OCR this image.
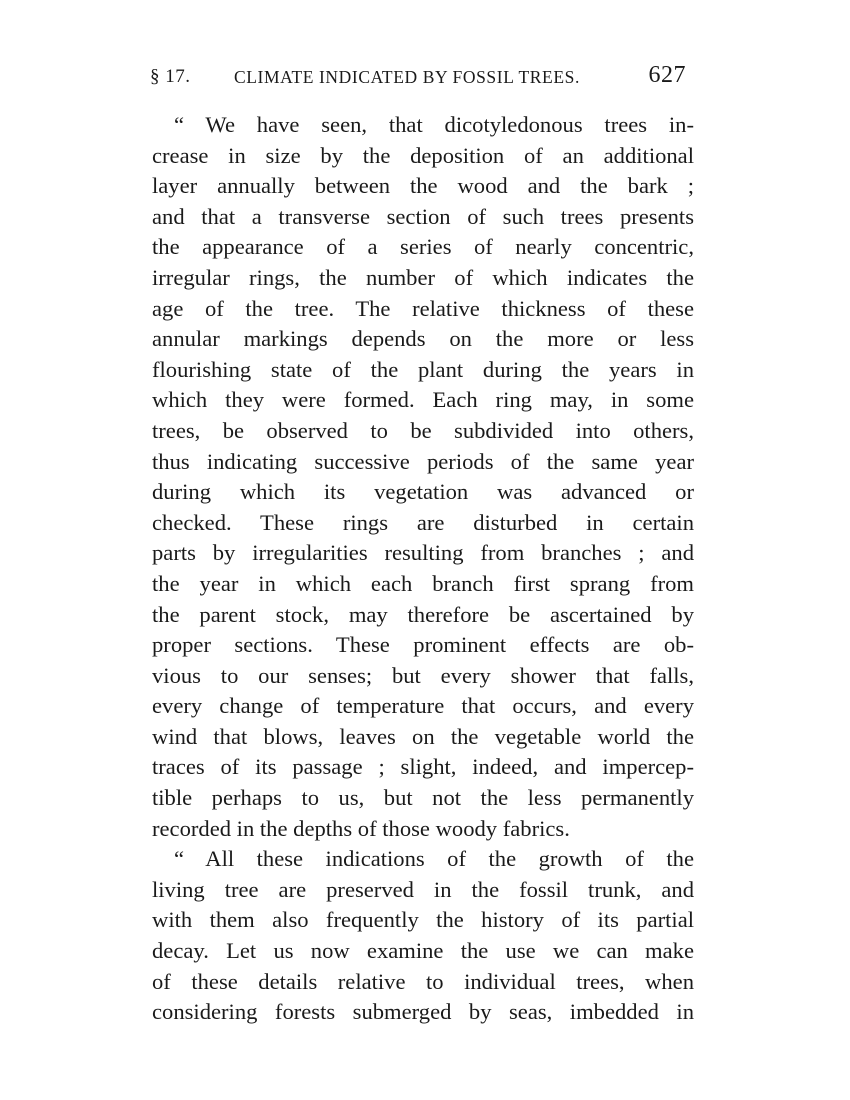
§ 17. CLIMATE INDICATED BY FOSSIL TREES.	627
“ We have seen, that dicotyledonous trees in-
crease in size by the deposition of an additional
layer annually between the wood and the bark ;
and that a transverse section of such trees presents
the appearance of a series of nearly concentric,
irregular rings, the number of which indicates the
age of the tree. The relative thickness of these
annular markings depends on the more or less
flourishing state of the plant during the years in
which they were formed. Each ring may, in some
trees, be observed to be subdivided into others,
thus indicating successive periods of the same year
during which its vegetation was advanced or
checked. These rings are disturbed in certain
parts by irregularities resulting from branches ; and
the year in which each branch first sprang from
the parent stock, may therefore be ascertained by
proper sections. These prominent effects are ob-
vious to our senses; but every shower that falls,
every change of temperature that occurs, and every
wind that blows, leaves on the vegetable world the
traces of its passage ; slight, indeed, and impercep-
tible perhaps to us, but not the less permanently
recorded in the depths of those woody fabrics.
“ All these indications of the growth of the
living tree are preserved in the fossil trunk, and
with them also frequently the history of its partial
decay. Let us now examine the use we can make
of these details relative to individual trees, when
considering forests submerged by seas, imbedded in
